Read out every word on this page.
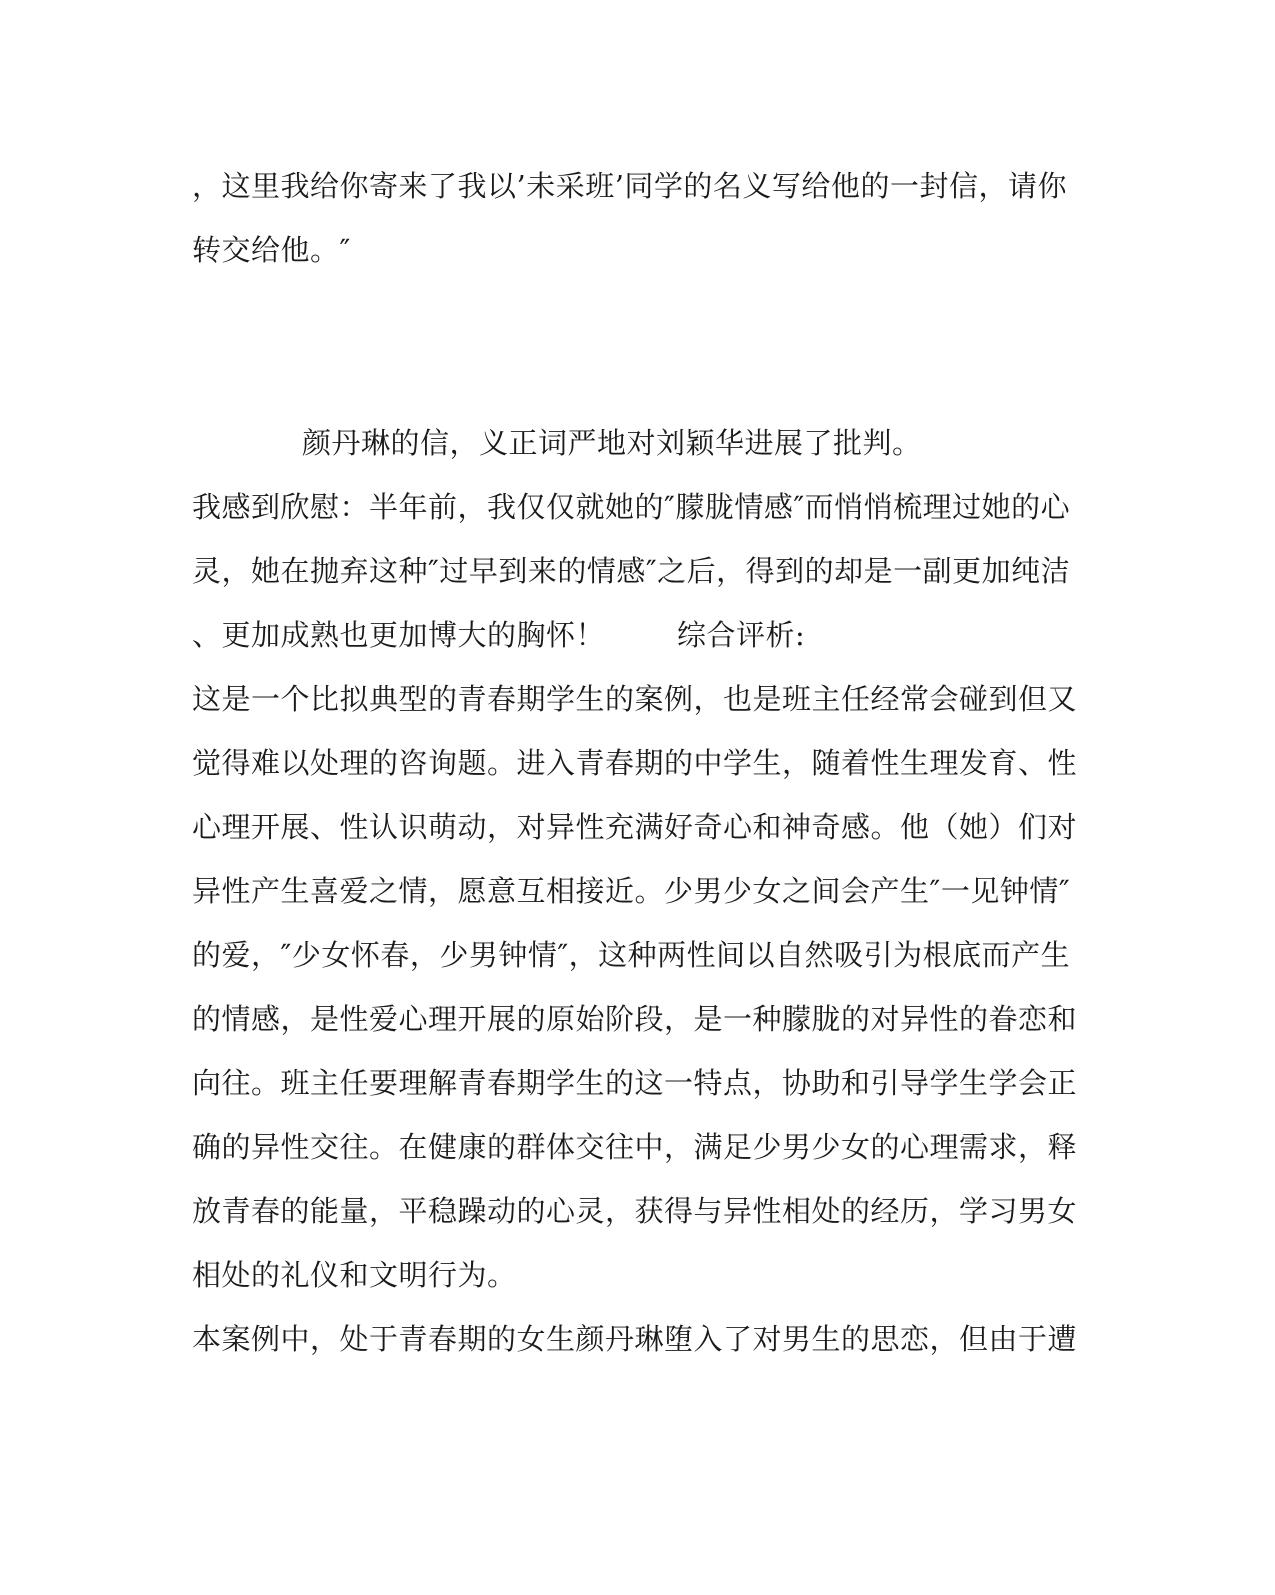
，这里我给你寄来了我以’未采班’同学的名义写给他的一封信，请你
转交给他。″
颜丹琳的信，义正词严地对刘颖华进展了批判。
我感到欣慰：半年前，我仅仅就她的″朦胧情感″而悄悄梳理过她的心
灵，她在抛弃这种″过早到来的情感″之后，得到的却是一副更加纯洁
、更加成熟也更加博大的胸怀！ 综合评析:
这是一个比拟典型的青春期学生的案例，也是班主任经常会碰到但又
觉得难以处理的咨询题。进入青春期的中学生，随着性生理发育、性
心理开展、性认识萌动，对异性充满好奇心和神奇感。他（她）们对
异性产生喜爱之情，愿意互相接近。少男少女之间会产生″一见钟情″
的爱，″少女怀春，少男钟情″，这种两性间以自然吸引为根底而产生
的情感，是性爱心理开展的原始阶段，是一种朦胧的对异性的眷恋和
向往。班主任要理解青春期学生的这一特点，协助和引导学生学会正
确的异性交往。在健康的群体交往中，满足少男少女的心理需求，释
放青春的能量，平稳躁动的心灵，获得与异性相处的经历，学习男女
相处的礼仪和文明行为。
本案例中，处于青春期的女生颜丹琳堕入了对男生的思恋，但由于遭
